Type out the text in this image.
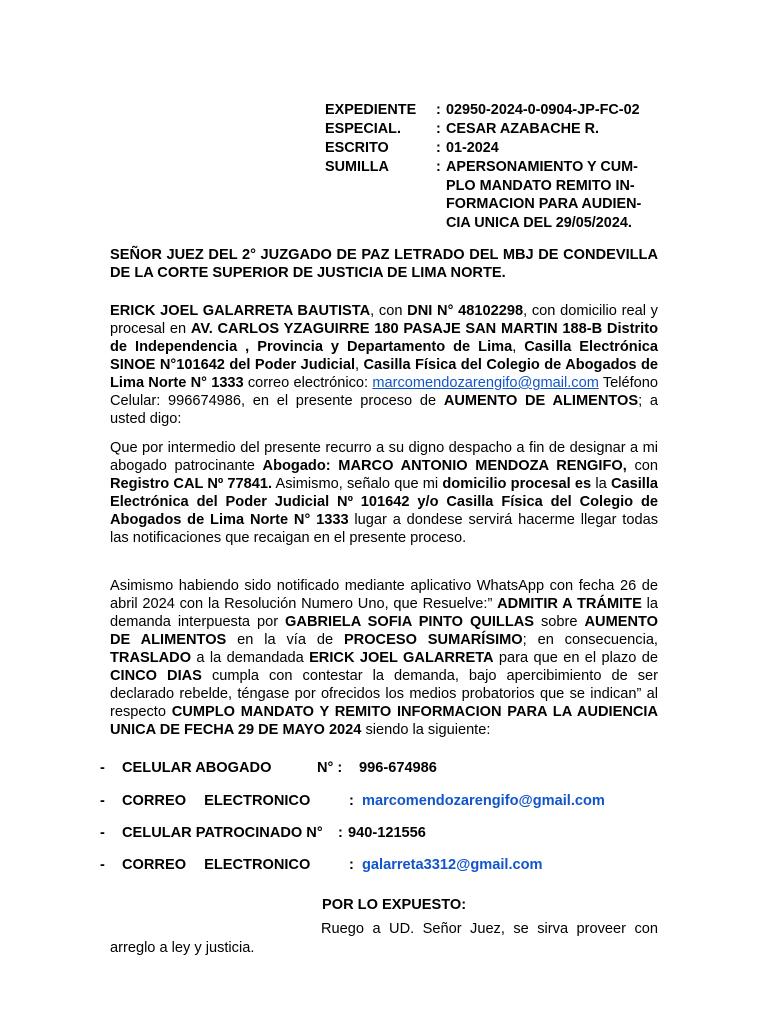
EXPEDIENTE	: 02950-2024-0-0904-JP-FC-02
ESPECIAL.	: CESAR AZABACHE R.
ESCRITO	: 01-2024
SUMILLA	: APERSONAMIENTO Y CUM-
PLO MANDATO REMITO IN-
FORMACION PARA AUDIEN-
CIA UNICA DEL 29/05/2024.
SEÑOR JUEZ DEL 2° JUZGADO DE PAZ LETRADO DEL MBJ DE CONDEVILLA DE LA CORTE SUPERIOR DE JUSTICIA DE LIMA NORTE.
ERICK JOEL GALARRETA BAUTISTA, con DNI N° 48102298, con domicilio real y procesal en AV. CARLOS YZAGUIRRE 180 PASAJE SAN MARTIN 188-B Distrito de Independencia , Provincia y Departamento de Lima, Casilla Electrónica SINOE N°101642 del Poder Judicial, Casilla Física del Colegio de Abogados de Lima Norte N° 1333 correo electrónico: marcomendozarengifo@gmail.com Teléfono Celular: 996674986, en el presente proceso de AUMENTO DE ALIMENTOS; a usted digo:
Que por intermedio del presente recurro a su digno despacho a fin de designar a mi abogado patrocinante Abogado: MARCO ANTONIO MENDOZA RENGIFO, con Registro CAL Nº 77841. Asimismo, señalo que mi domicilio procesal es la Casilla Electrónica del Poder Judicial Nº 101642 y/o Casilla Física del Colegio de Abogados de Lima Norte N° 1333 lugar a dondese servirá hacerme llegar todas las notificaciones que recaigan en el presente proceso.
Asimismo habiendo sido notificado mediante aplicativo WhatsApp con fecha 26 de abril 2024 con la Resolución Numero Uno, que Resuelve:” ADMITIR A TRÁMITE la demanda interpuesta por GABRIELA SOFIA PINTO QUILLAS sobre AUMENTO DE ALIMENTOS en la vía de PROCESO SUMARÍSIMO; en consecuencia, TRASLADO a la demandada ERICK JOEL GALARRETA para que en el plazo de CINCO DIAS cumpla con contestar la demanda, bajo apercibimiento de ser declarado rebelde, téngase por ofrecidos los medios probatorios que se indican” al respecto CUMPLO MANDATO Y REMITO INFORMACION PARA LA AUDIENCIA UNICA DE FECHA 29 DE MAYO 2024 siendo la siguiente:
- CELULAR ABOGADO	N° : 996-674986
- CORREO ELECTRONICO	: marcomendozarengifo@gmail.com
- CELULAR PATROCINADO N° : 940-121556
- CORREO ELECTRONICO	: galarreta3312@gmail.com
POR LO EXPUESTO:
Ruego a UD. Señor Juez, se sirva proveer con
arreglo a ley y justicia.
